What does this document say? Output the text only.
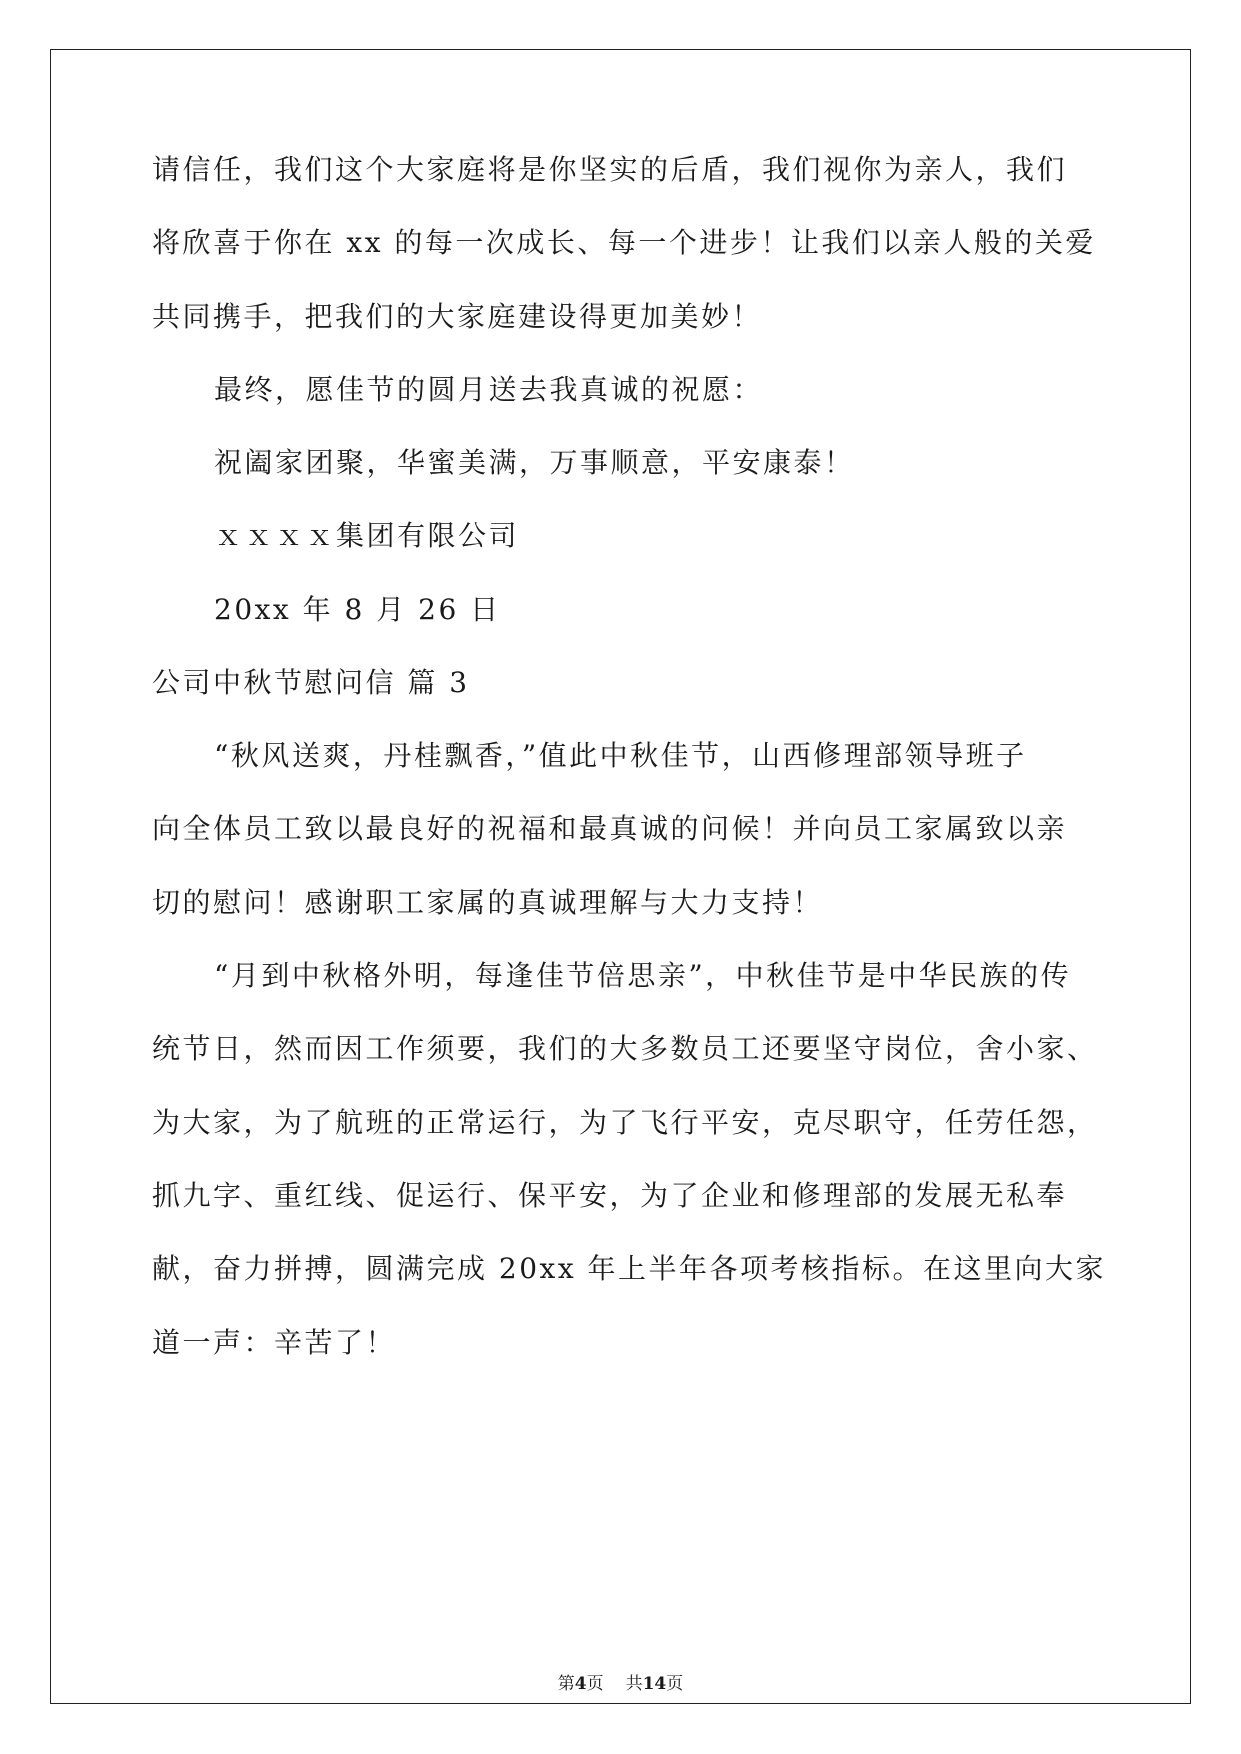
请信任，我们这个大家庭将是你坚实的后盾，我们视你为亲人，我们
将欣喜于你在 xx 的每一次成长、每一个进步！让我们以亲人般的关爱
共同携手，把我们的大家庭建设得更加美妙！
最终，愿佳节的圆月送去我真诚的祝愿：
祝阖家团聚，华蜜美满，万事顺意，平安康泰！
ｘｘｘｘ集团有限公司
20xx 年 8 月 26 日
公司中秋节慰问信 篇 3
“秋风送爽，丹桂飘香，”值此中秋佳节，山西修理部领导班子
向全体员工致以最良好的祝福和最真诚的问候！并向员工家属致以亲
切的慰问！感谢职工家属的真诚理解与大力支持！
“月到中秋格外明，每逢佳节倍思亲”，中秋佳节是中华民族的传
统节日，然而因工作须要，我们的大多数员工还要坚守岗位，舍小家、
为大家，为了航班的正常运行，为了飞行平安，克尽职守，任劳任怨，
抓九字、重红线、促运行、保平安，为了企业和修理部的发展无私奉
献，奋力拼搏，圆满完成 20xx 年上半年各项考核指标。在这里向大家
道一声：辛苦了！
第4页 共14页
